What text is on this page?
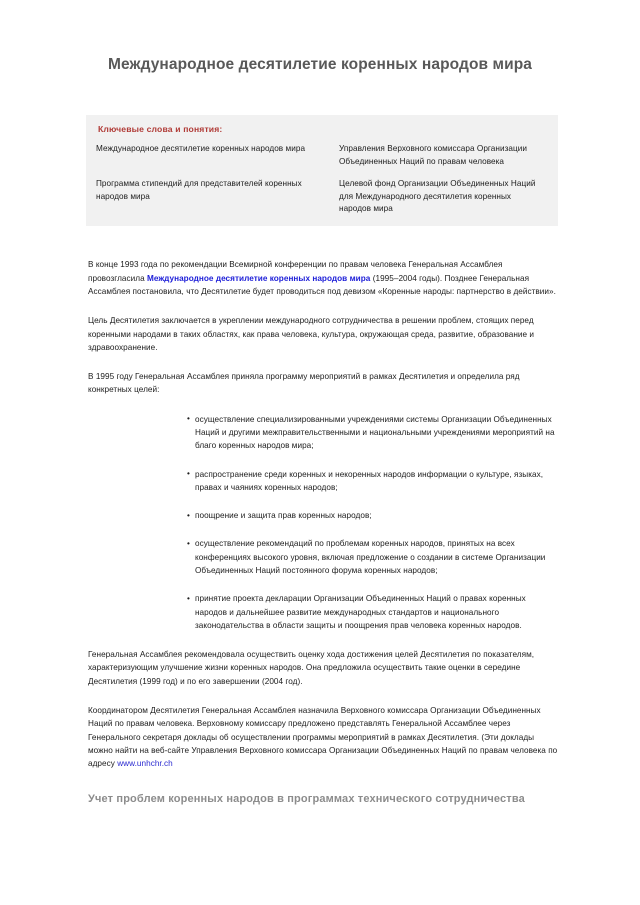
Международное десятилетие коренных народов мира
Ключевые слова и понятия:
Международное десятилетие коренных народов мира	Управления Верховного комиссара Организации Объединенных Наций по правам человека
Программа стипендий для представителей коренных народов мира
Целевой фонд Организации Объединенных Наций для Международного десятилетия коренных народов мира

В конце 1993 года по рекомендации Всемирной конференции по правам человека Генеральная Ассамблея провозгласила Международное десятилетие коренных народов мира (1995–2004 годы). Позднее Генеральная Ассамблея постановила, что Десятилетие будет проводиться под девизом «Коренные народы: партнерство в действии».

Цель Десятилетия заключается в укреплении международного сотрудничества в решении проблем, стоящих перед коренными народами в таких областях, как права человека, культура, окружающая среда, развитие, образование и здравоохранение.

В 1995 году Генеральная Ассамблея приняла программу мероприятий в рамках Десятилетия и определила ряд конкретных целей:

• осуществление специализированными учреждениями системы Организации Объединенных Наций и другими межправительственными и национальными учреждениями мероприятий на благо коренных народов мира;
• распространение среди коренных и некоренных народов информации о культуре, языках, правах и чаяниях коренных народов;
• поощрение и защита прав коренных народов;
• осуществление рекомендаций по проблемам коренных народов, принятых на всех конференциях высокого уровня, включая предложение о создании в системе Организации Объединенных Наций постоянного форума коренных народов;
• принятие проекта декларации Организации Объединенных Наций о правах коренных народов и дальнейшее развитие международных стандартов и национального законодательства в области защиты и поощрения прав человека коренных народов.

Генеральная Ассамблея рекомендовала осуществить оценку хода достижения целей Десятилетия по показателям, характеризующим улучшение жизни коренных народов. Она предложила осуществить такие оценки в середине Десятилетия (1999 год) и по его завершении (2004 год).

Координатором Десятилетия Генеральная Ассамблея назначила Верховного комиссара Организации Объединенных Наций по правам человека. Верховному комиссару предложено представлять Генеральной Ассамблее через Генерального секретаря доклады об осуществлении программы мероприятий в рамках Десятилетия. (Эти доклады можно найти на веб-сайте Управления Верховного комиссара Организации Объединенных Наций по правам человека по адресу www.unhchr.ch

Учет проблем коренных народов в программах технического сотрудничества
